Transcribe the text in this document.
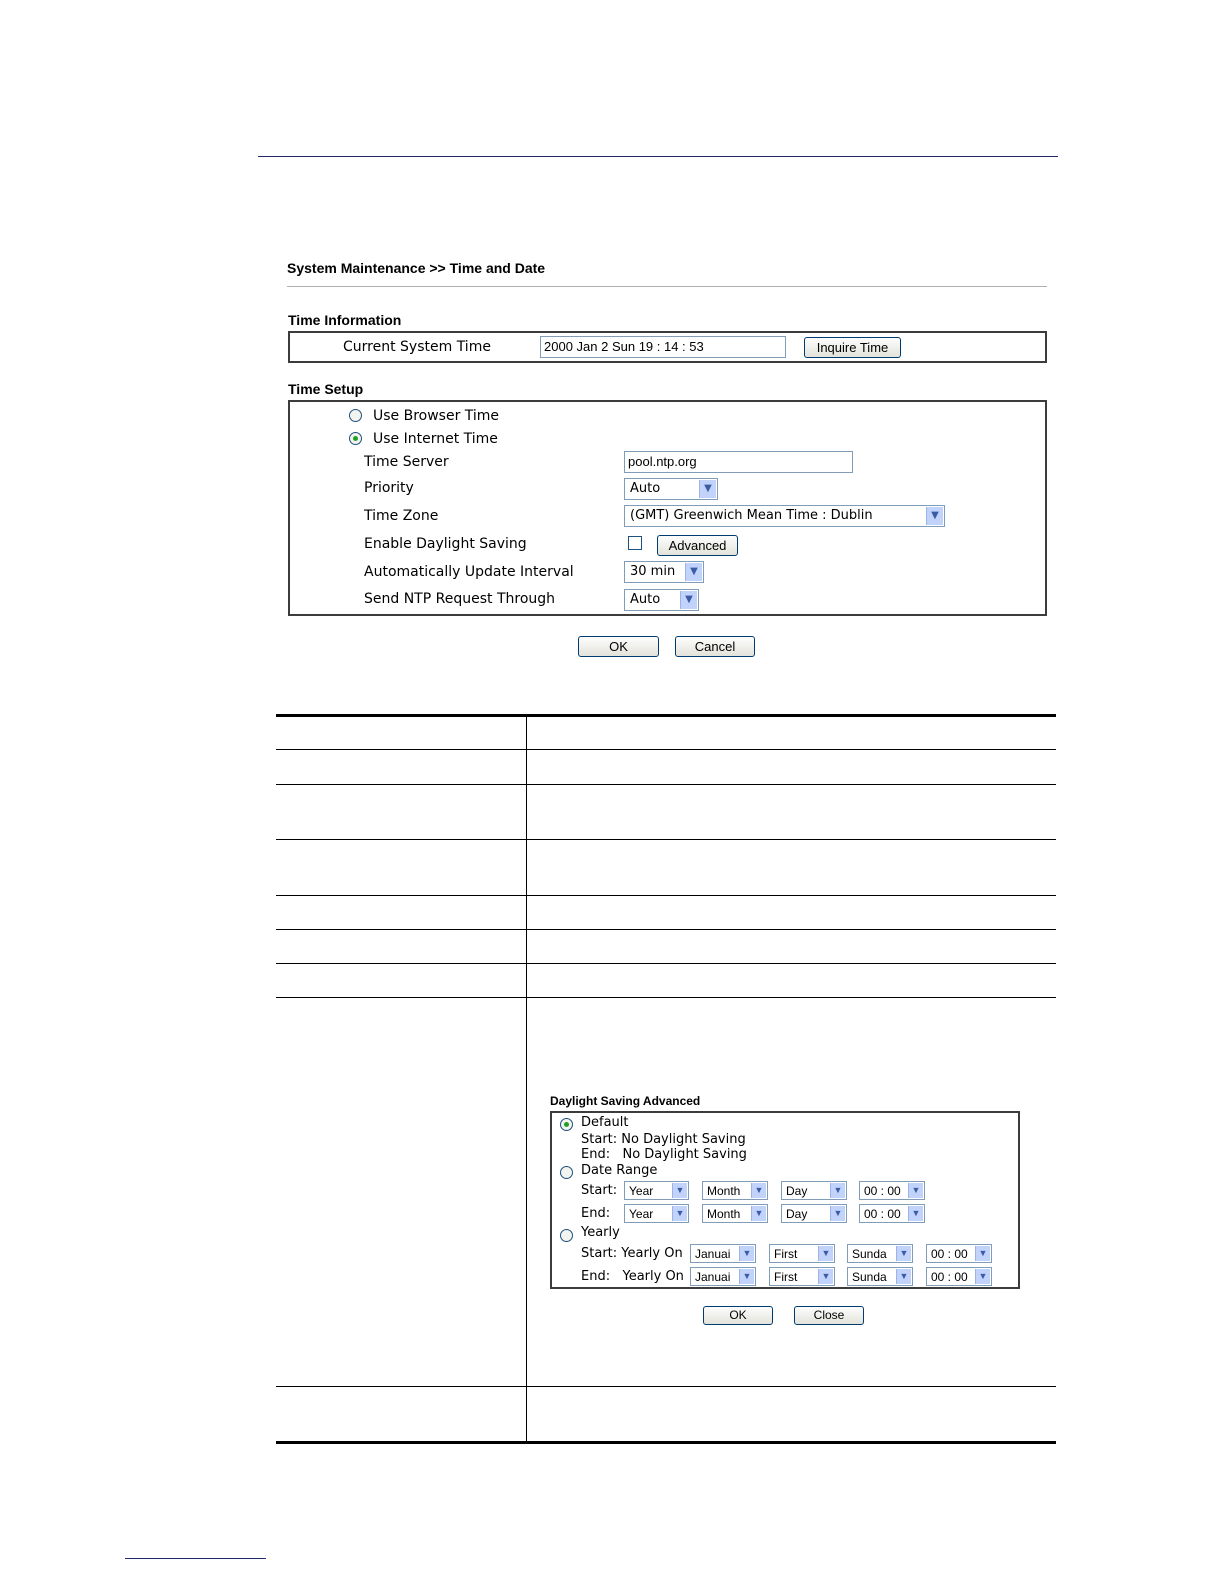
System Maintenance >> Time and Date
Time Information
Current System Time	2000 Jan 2 Sun 19 : 14 : 53	Inquire Time
Time Setup
Use Browser Time
Use Internet Time
Time Server	pool.ntp.org
Priority	Auto	▼
Time Zone	(GMT) Greenwich Mean Time : Dublin	▼
Enable Daylight Saving	Advanced
Automatically Update Interval	30 min	▼
Send NTP Request Through	Auto	▼
OK	Cancel
Daylight Saving Advanced
Default
Start: No Daylight Saving
End:   No Daylight Saving
Date Range
Start: Year	▼	Month	▼	Day	▼	00 : 00	▼
End:	Year	▼	Month	▼	Day	▼	00 : 00	▼
Yearly
Start: Yearly On	Januai	▼	First	▼	Sunda	▼	00 : 00	▼
End:   Yearly On Januai	▼	First	▼	Sunda	▼	00 : 00	▼
OK	Close
